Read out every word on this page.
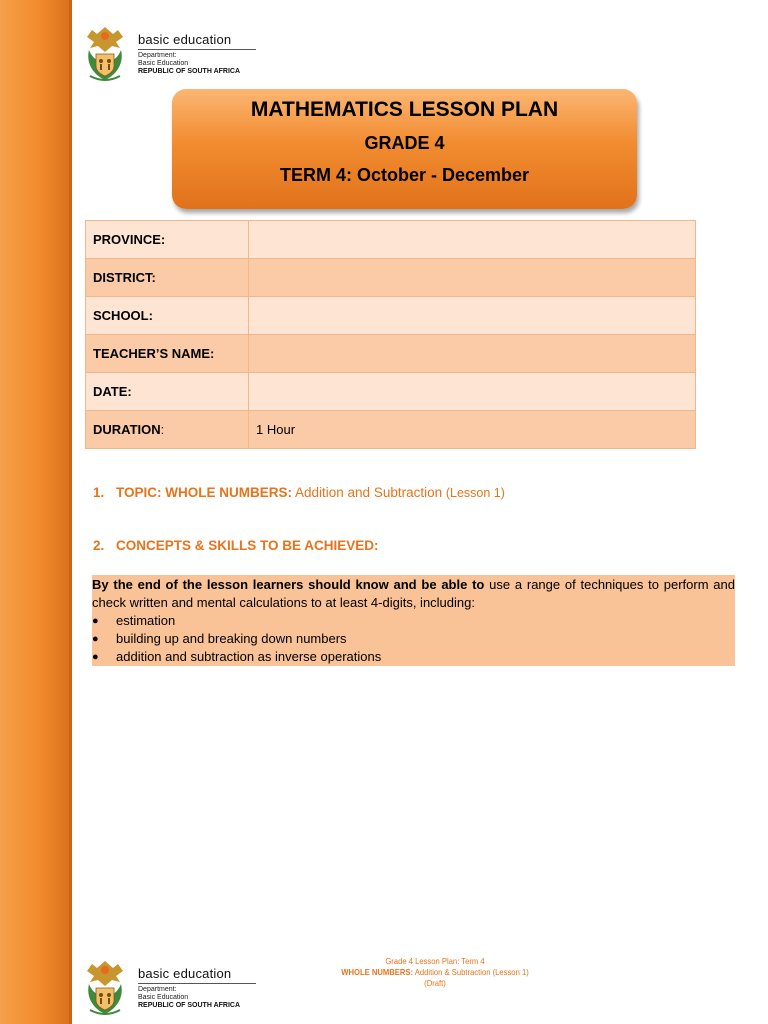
basic education
Department:
Basic Education
REPUBLIC OF SOUTH AFRICA
MATHEMATICS LESSON PLAN
GRADE 4
TERM 4: October - December
PROVINCE:	
DISTRICT:	
SCHOOL:	
TEACHER’S NAME:	
DATE:	
DURATION:	1 Hour
1. TOPIC: WHOLE NUMBERS: Addition and Subtraction (Lesson 1)
2. CONCEPTS & SKILLS TO BE ACHIEVED:

By the end of the lesson learners should know and be able to use a range of techniques to perform and check written and mental calculations to at least 4-digits, including:

● estimation
● building up and breaking down numbers
● addition and subtraction as inverse operations
basic education
Department:
Basic Education
REPUBLIC OF SOUTH AFRICA
Grade 4 Lesson Plan: Term 4
WHOLE NUMBERS: Addition & Subtraction (Lesson 1)
(Draft)
